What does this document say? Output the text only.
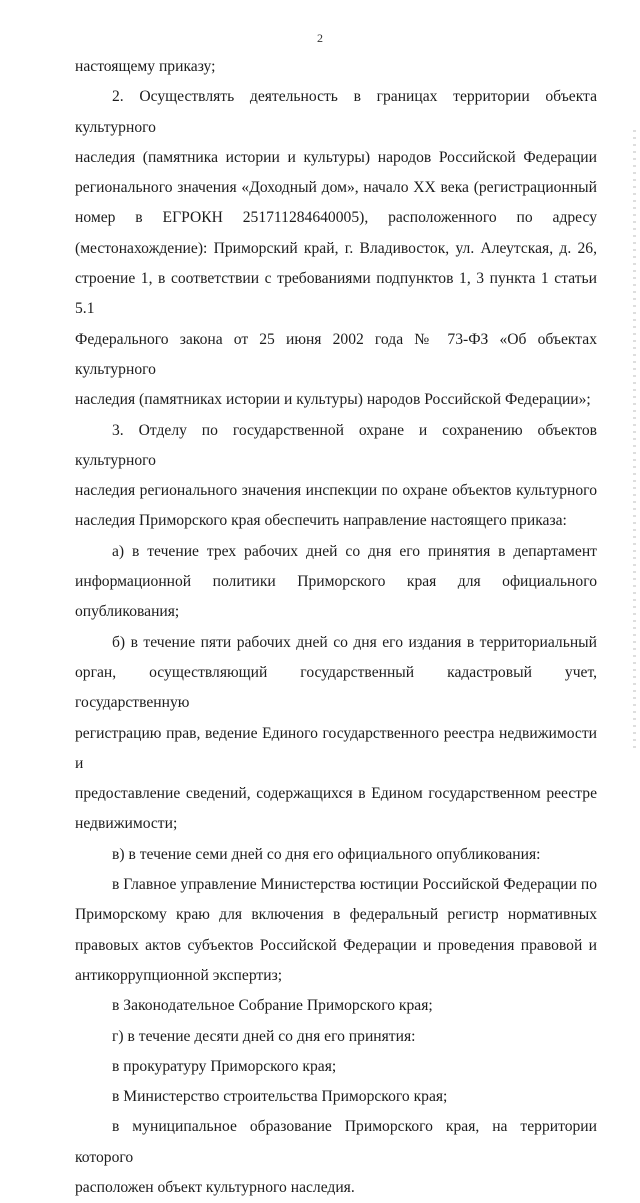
2

настоящему приказу;

2. Осуществлять деятельность в границах территории объекта культурного
наследия (памятника истории и культуры) народов Российской Федерации
регионального значения «Доходный дом», начало XX века (регистрационный
номер в ЕГРОКН 251711284640005), расположенного по адресу
(местонахождение): Приморский край, г. Владивосток, ул. Алеутская, д. 26,
строение 1, в соответствии с требованиями подпунктов 1, 3 пункта 1 статьи 5.1
Федерального закона от 25 июня 2002 года № 73-ФЗ «Об объектах культурного
наследия (памятниках истории и культуры) народов Российской Федерации»;

3. Отделу по государственной охране и сохранению объектов культурного
наследия регионального значения инспекции по охране объектов культурного
наследия Приморского края обеспечить направление настоящего приказа:

а) в течение трех рабочих дней со дня его принятия в департамент
информационной политики Приморского края для официального
опубликования;

б) в течение пяти рабочих дней со дня его издания в территориальный
орган, осуществляющий государственный кадастровый учет, государственную
регистрацию прав, ведение Единого государственного реестра недвижимости и
предоставление сведений, содержащихся в Едином государственном реестре
недвижимости;

в) в течение семи дней со дня его официального опубликования:

в Главное управление Министерства юстиции Российской Федерации по
Приморскому краю для включения в федеральный регистр нормативных
правовых актов субъектов Российской Федерации и проведения правовой и
антикоррупционной экспертиз;

в Законодательное Собрание Приморского края;

г) в течение десяти дней со дня его принятия:

в прокуратуру Приморского края;

в Министерство строительства Приморского края;

в муниципальное образование Приморского края, на территории которого
расположен объект культурного наследия.
